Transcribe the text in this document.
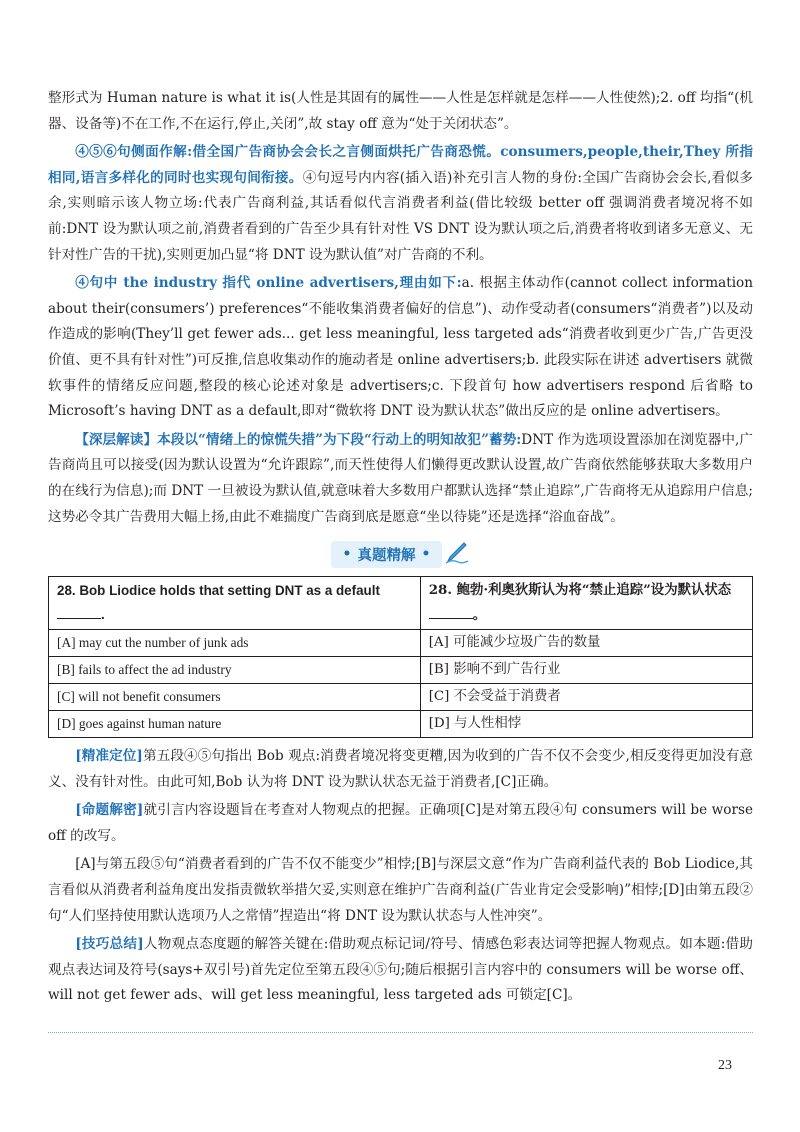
整形式为 Human nature is what it is(人性是其固有的属性——人性是怎样就是怎样——人性使然);2. off 均指“(机器、设备等)不在工作,不在运行,停止,关闭”,故 stay off 意为“处于关闭状态”。

④⑤⑥句侧面作解:借全国广告商协会会长之言侧面烘托广告商恐慌。consumers,people,their,They 所指相同,语言多样化的同时也实现句间衔接。④句逗号内内容(插入语)补充引言人物的身份:全国广告商协会会长,看似多余,实则暗示该人物立场:代表广告商利益,其话看似代言消费者利益(借比较级 better off 强调消费者境况将不如前:DNT 设为默认项之前,消费者看到的广告至少具有针对性 VS DNT 设为默认项之后,消费者将收到诸多无意义、无针对性广告的干扰),实则更加凸显“将 DNT 设为默认值”对广告商的不利。

④句中 the industry 指代 online advertisers,理由如下:a. 根据主体动作(cannot collect information about their(consumers’) preferences“不能收集消费者偏好的信息”)、动作受动者(consumers“消费者”)以及动作造成的影响(They’ll get fewer ads... get less meaningful, less targeted ads“消费者收到更少广告,广告更没价值、更不具有针对性”)可反推,信息收集动作的施动者是 online advertisers;b. 此段实际在讲述 advertisers 就微软事件的情绪反应问题,整段的核心论述对象是 advertisers;c. 下段首句 how advertisers respond 后省略 to Microsoft’s having DNT as a default,即对“微软将 DNT 设为默认状态”做出反应的是 online advertisers。

【深层解读】本段以“情绪上的惊慌失措”为下段“行动上的明知故犯”蓄势:DNT 作为选项设置添加在浏览器中,广告商尚且可以接受(因为默认设置为“允许跟踪”,而天性使得人们懒得更改默认设置,故广告商依然能够获取大多数用户的在线行为信息);而 DNT 一旦被设为默认值,就意味着大多数用户都默认选择“禁止追踪”,广告商将无从追踪用户信息;这势必令其广告费用大幅上扬,由此不难揣度广告商到底是愿意“坐以待毙”还是选择“浴血奋战”。

• 真题精解 •
28. Bob Liodice holds that setting DNT as a default .	28. 鲍勃·利奥狄斯认为将“禁止追踪”设为默认状态。
[A] may cut the number of junk ads	[A] 可能减少垃圾广告的数量
[B] fails to affect the ad industry	[B] 影响不到广告行业
[C] will not benefit consumers	[C] 不会受益于消费者
[D] goes against human nature	[D] 与人性相悖

[精准定位]第五段④⑤句指出 Bob 观点:消费者境况将变更糟,因为收到的广告不仅不会变少,相反变得更加没有意义、没有针对性。由此可知,Bob 认为将 DNT 设为默认状态无益于消费者,[C]正确。

[命题解密]就引言内容设题旨在考查对人物观点的把握。正确项[C]是对第五段④句 consumers will be worse off 的改写。

[A]与第五段⑤句“消费者看到的广告不仅不能变少”相悖;[B]与深层文意“作为广告商利益代表的 Bob Liodice,其言看似从消费者利益角度出发指责微软举措欠妥,实则意在维护广告商利益(广告业肯定会受影响)”相悖;[D]由第五段②句“人们坚持使用默认选项乃人之常情”捏造出“将 DNT 设为默认状态与人性冲突”。

[技巧总结]人物观点态度题的解答关键在:借助观点标记词/符号、情感色彩表达词等把握人物观点。如本题:借助观点表达词及符号(says+双引号)首先定位至第五段④⑤句;随后根据引言内容中的 consumers will be worse off、will not get fewer ads、will get less meaningful, less targeted ads 可锁定[C]。

23
